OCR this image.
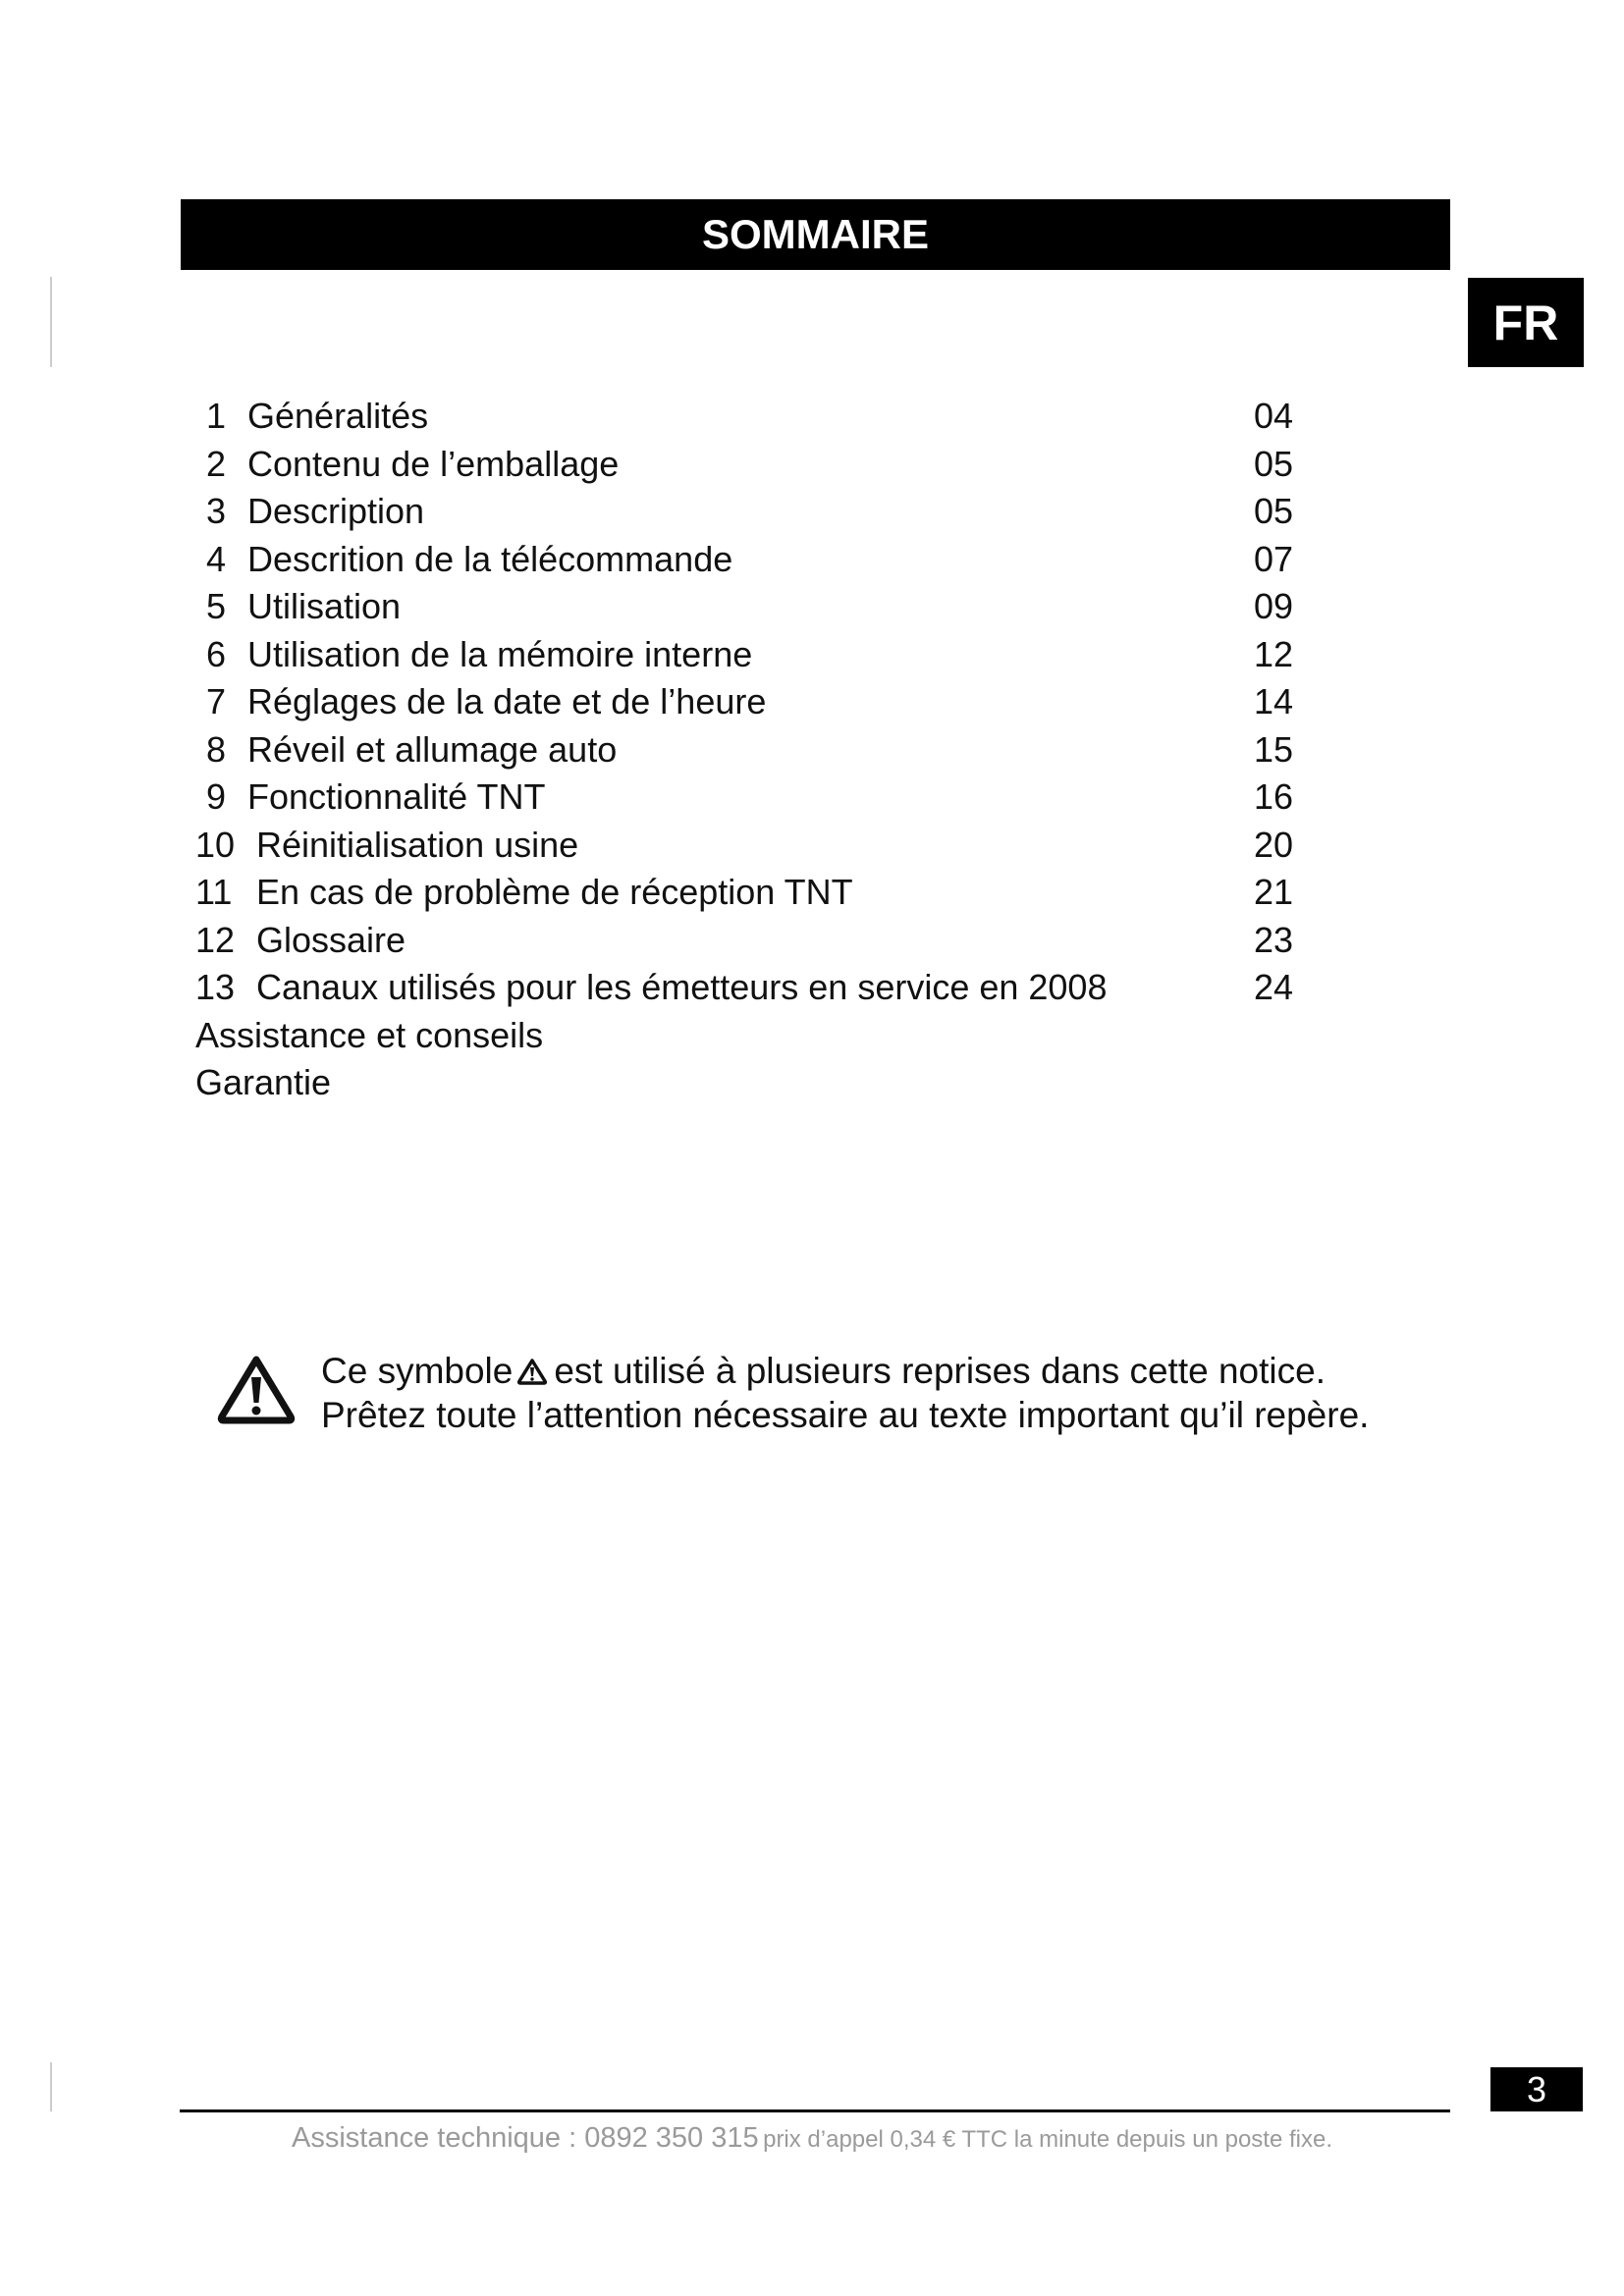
SOMMAIRE
FR
1 Généralités	04
2 Contenu de l’emballage	05
3 Description	05
4 Descrition de la télécommande	07
5 Utilisation	09
6 Utilisation de la mémoire interne	12
7 Réglages de la date et de l’heure	14
8 Réveil et allumage auto	15
9 Fonctionnalité TNT	16
10 Réinitialisation usine	20
11 En cas de problème de réception TNT	21
12 Glossaire	23
13 Canaux utilisés pour les émetteurs en service en 2008	24
Assistance et conseils
Garantie
Ce symbole est utilisé à plusieurs reprises dans cette notice.
Prêtez toute l’attention nécessaire au texte important qu’il repère.
3
Assistance technique : 0892 350 315 prix d’appel 0,34 € TTC la minute depuis un poste fixe.
